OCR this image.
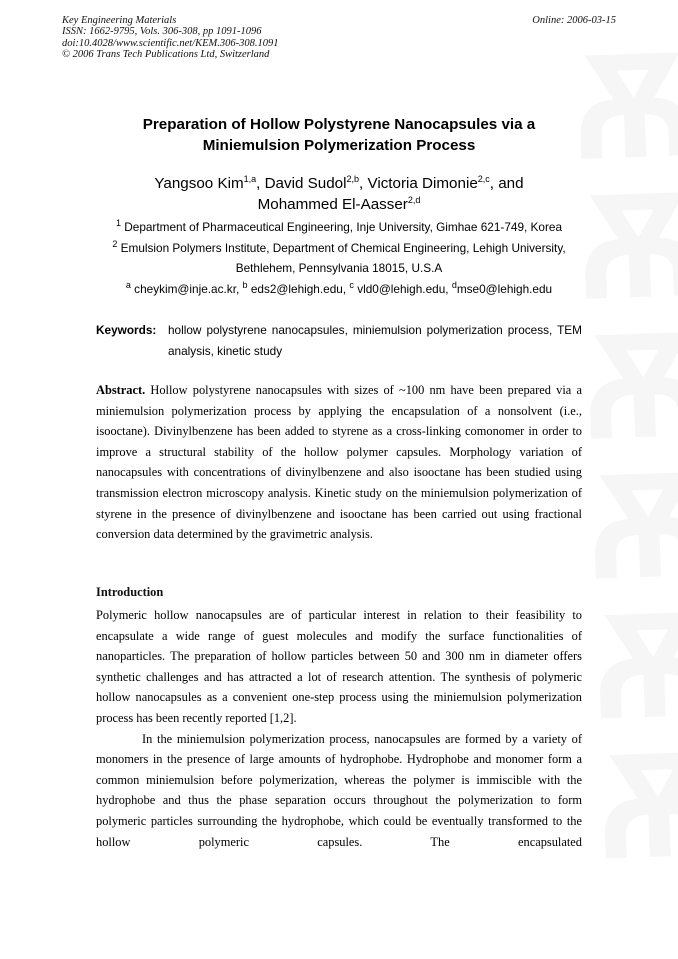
Key Engineering Materials	Online: 2006-03-15
ISSN: 1662-9795, Vols. 306-308, pp 1091-1096
doi:10.4028/www.scientific.net/KEM.306-308.1091
© 2006 Trans Tech Publications Ltd, Switzerland
Preparation of Hollow Polystyrene Nanocapsules via a
Miniemulsion Polymerization Process
Yangsoo Kim$^{1,a}$, David Sudol$^{2,b}$, Victoria Dimonie$^{2,c}$, and
Mohammed El-Aasser$^{2,d}$
$^1$ Department of Pharmaceutical Engineering, Inje University, Gimhae 621-749, Korea
$^2$ Emulsion Polymers Institute, Department of Chemical Engineering, Lehigh University,
Bethlehem, Pennsylvania 18015, U.S.A
$^a$ cheykim@inje.ac.kr, $^b$ eds2@lehigh.edu, $^c$ vld0@lehigh.edu, $^d$mse0@lehigh.edu
Keywords: hollow polystyrene nanocapsules, miniemulsion polymerization process, TEM analysis, kinetic study
Abstract. Hollow polystyrene nanocapsules with sizes of ~100 nm have been prepared via a miniemulsion polymerization process by applying the encapsulation of a nonsolvent (i.e., isooctane). Divinylbenzene has been added to styrene as a cross-linking comonomer in order to improve a structural stability of the hollow polymer capsules. Morphology variation of nanocapsules with concentrations of divinylbenzene and also isooctane has been studied using transmission electron microscopy analysis. Kinetic study on the miniemulsion polymerization of styrene in the presence of divinylbenzene and isooctane has been carried out using fractional conversion data determined by the gravimetric analysis.
Introduction

Polymeric hollow nanocapsules are of particular interest in relation to their feasibility to encapsulate a wide range of guest molecules and modify the surface functionalities of nanoparticles. The preparation of hollow particles between 50 and 300 nm in diameter offers synthetic challenges and has attracted a lot of research attention. The synthesis of polymeric hollow nanocapsules as a convenient one-step process using the miniemulsion polymerization process has been recently reported [1,2].

In the miniemulsion polymerization process, nanocapsules are formed by a variety of monomers in the presence of large amounts of hydrophobe. Hydrophobe and monomer form a common miniemulsion before polymerization, whereas the polymer is immiscible with the hydrophobe and thus the phase separation occurs throughout the polymerization to form polymeric particles surrounding the hydrophobe, which could be eventually transformed to the hollow polymeric capsules. The encapsulated
